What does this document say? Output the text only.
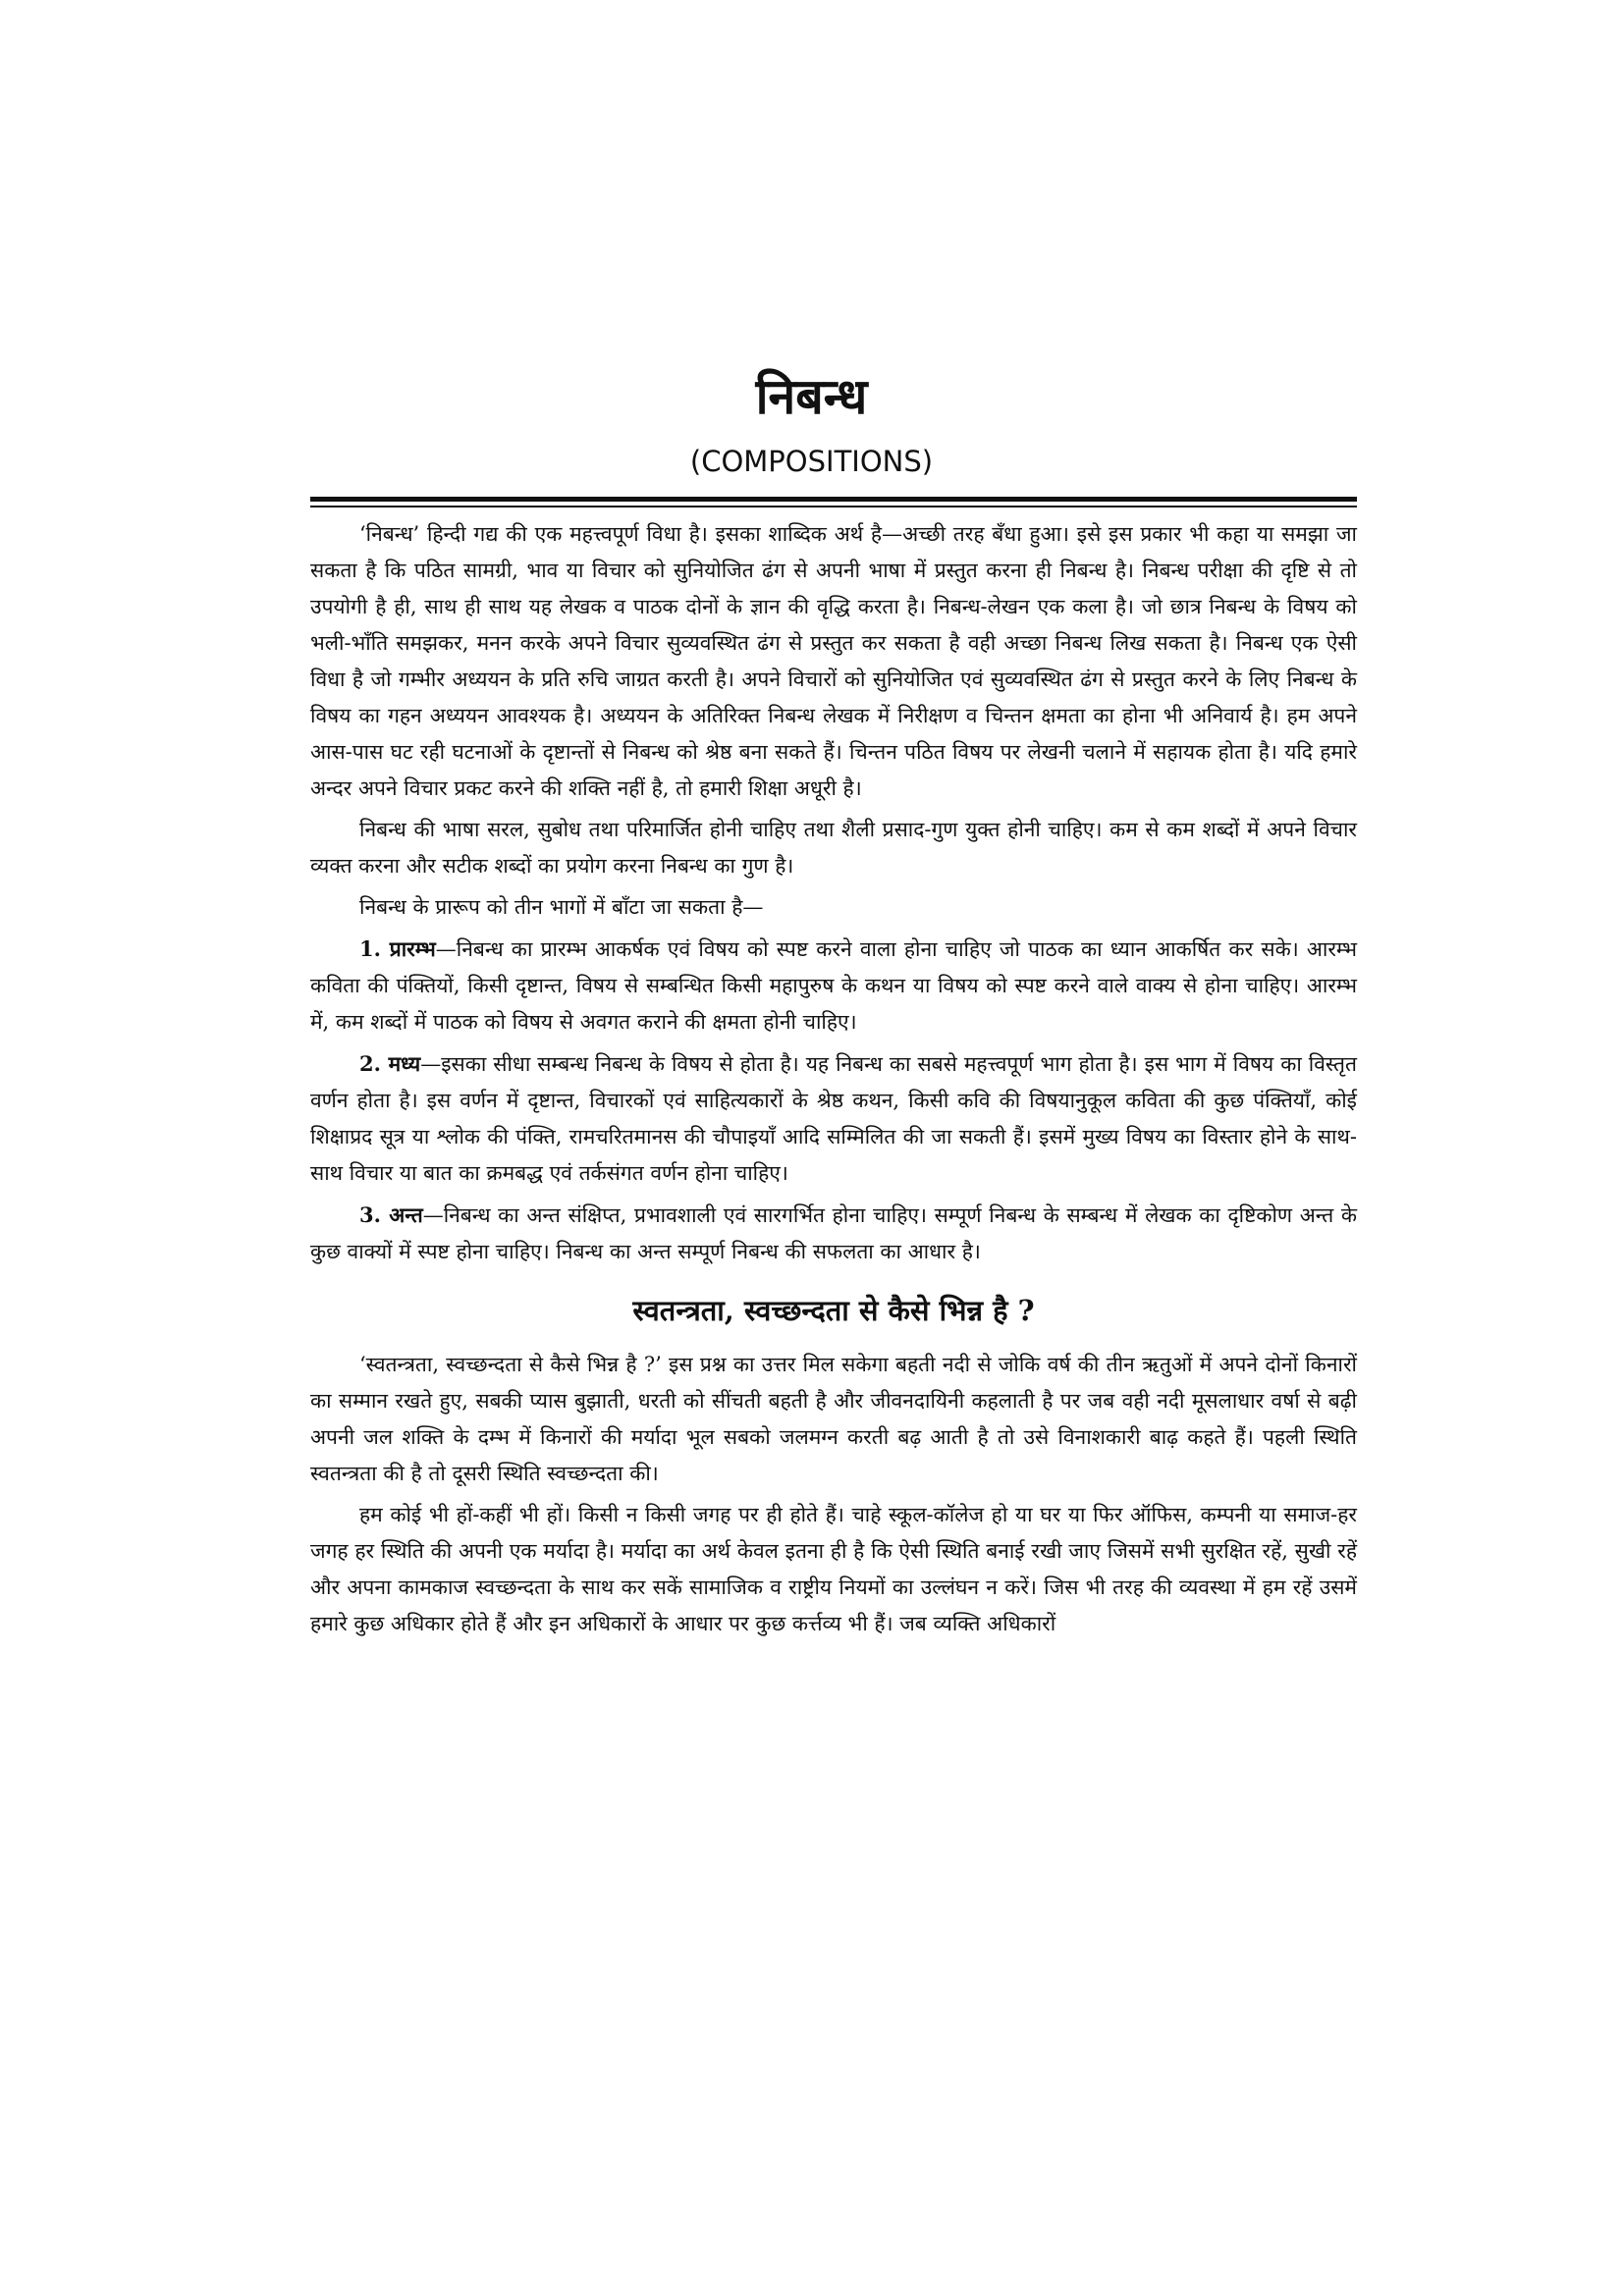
निबन्ध
(COMPOSITIONS)

‘निबन्ध’ हिन्दी गद्य की एक महत्त्वपूर्ण विधा है। इसका शाब्दिक अर्थ है—अच्छी तरह बँधा हुआ। इसे इस प्रकार भी कहा या समझा जा सकता है कि पठित सामग्री, भाव या विचार को सुनियोजित ढंग से अपनी भाषा में प्रस्तुत करना ही निबन्ध है। निबन्ध परीक्षा की दृष्टि से तो उपयोगी है ही, साथ ही साथ यह लेखक व पाठक दोनों के ज्ञान की वृद्धि करता है। निबन्ध-लेखन एक कला है। जो छात्र निबन्ध के विषय को भली-भाँति समझकर, मनन करके अपने विचार सुव्यवस्थित ढंग से प्रस्तुत कर सकता है वही अच्छा निबन्ध लिख सकता है। निबन्ध एक ऐसी विधा है जो गम्भीर अध्ययन के प्रति रुचि जाग्रत करती है। अपने विचारों को सुनियोजित एवं सुव्यवस्थित ढंग से प्रस्तुत करने के लिए निबन्ध के विषय का गहन अध्ययन आवश्यक है। अध्ययन के अतिरिक्त निबन्ध लेखक में निरीक्षण व चिन्तन क्षमता का होना भी अनिवार्य है। हम अपने आस-पास घट रही घटनाओं के दृष्टान्तों से निबन्ध को श्रेष्ठ बना सकते हैं। चिन्तन पठित विषय पर लेखनी चलाने में सहायक होता है। यदि हमारे अन्दर अपने विचार प्रकट करने की शक्ति नहीं है, तो हमारी शिक्षा अधूरी है।

निबन्ध की भाषा सरल, सुबोध तथा परिमार्जित होनी चाहिए तथा शैली प्रसाद-गुण युक्त होनी चाहिए। कम से कम शब्दों में अपने विचार व्यक्त करना और सटीक शब्दों का प्रयोग करना निबन्ध का गुण है।

निबन्ध के प्रारूप को तीन भागों में बाँटा जा सकता है—

1. प्रारम्भ—निबन्ध का प्रारम्भ आकर्षक एवं विषय को स्पष्ट करने वाला होना चाहिए जो पाठक का ध्यान आकर्षित कर सके। आरम्भ कविता की पंक्तियों, किसी दृष्टान्त, विषय से सम्बन्धित किसी महापुरुष के कथन या विषय को स्पष्ट करने वाले वाक्य से होना चाहिए। आरम्भ में, कम शब्दों में पाठक को विषय से अवगत कराने की क्षमता होनी चाहिए।

2. मध्य—इसका सीधा सम्बन्ध निबन्ध के विषय से होता है। यह निबन्ध का सबसे महत्त्वपूर्ण भाग होता है। इस भाग में विषय का विस्तृत वर्णन होता है। इस वर्णन में दृष्टान्त, विचारकों एवं साहित्यकारों के श्रेष्ठ कथन, किसी कवि की विषयानुकूल कविता की कुछ पंक्तियाँ, कोई शिक्षाप्रद सूत्र या श्लोक की पंक्ति, रामचरितमानस की चौपाइयाँ आदि सम्मिलित की जा सकती हैं। इसमें मुख्य विषय का विस्तार होने के साथ-साथ विचार या बात का क्रमबद्ध एवं तर्कसंगत वर्णन होना चाहिए।

3. अन्त—निबन्ध का अन्त संक्षिप्त, प्रभावशाली एवं सारगर्भित होना चाहिए। सम्पूर्ण निबन्ध के सम्बन्ध में लेखक का दृष्टिकोण अन्त के कुछ वाक्यों में स्पष्ट होना चाहिए। निबन्ध का अन्त सम्पूर्ण निबन्ध की सफलता का आधार है।

स्वतन्त्रता, स्वच्छन्दता से कैसे भिन्न है ?

‘स्वतन्त्रता, स्वच्छन्दता से कैसे भिन्न है ?’ इस प्रश्न का उत्तर मिल सकेगा बहती नदी से जोकि वर्ष की तीन ऋतुओं में अपने दोनों किनारों का सम्मान रखते हुए, सबकी प्यास बुझाती, धरती को सींचती बहती है और जीवनदायिनी कहलाती है पर जब वही नदी मूसलाधार वर्षा से बढ़ी अपनी जल शक्ति के दम्भ में किनारों की मर्यादा भूल सबको जलमग्न करती बढ़ आती है तो उसे विनाशकारी बाढ़ कहते हैं। पहली स्थिति स्वतन्त्रता की है तो दूसरी स्थिति स्वच्छन्दता की।

हम कोई भी हों-कहीं भी हों। किसी न किसी जगह पर ही होते हैं। चाहे स्कूल-कॉलेज हो या घर या फिर ऑफिस, कम्पनी या समाज-हर जगह हर स्थिति की अपनी एक मर्यादा है। मर्यादा का अर्थ केवल इतना ही है कि ऐसी स्थिति बनाई रखी जाए जिसमें सभी सुरक्षित रहें, सुखी रहें और अपना कामकाज स्वच्छन्दता के साथ कर सकें सामाजिक व राष्ट्रीय नियमों का उल्लंघन न करें। जिस भी तरह की व्यवस्था में हम रहें उसमें हमारे कुछ अधिकार होते हैं और इन अधिकारों के आधार पर कुछ कर्त्तव्य भी हैं। जब व्यक्ति अधिकारों
